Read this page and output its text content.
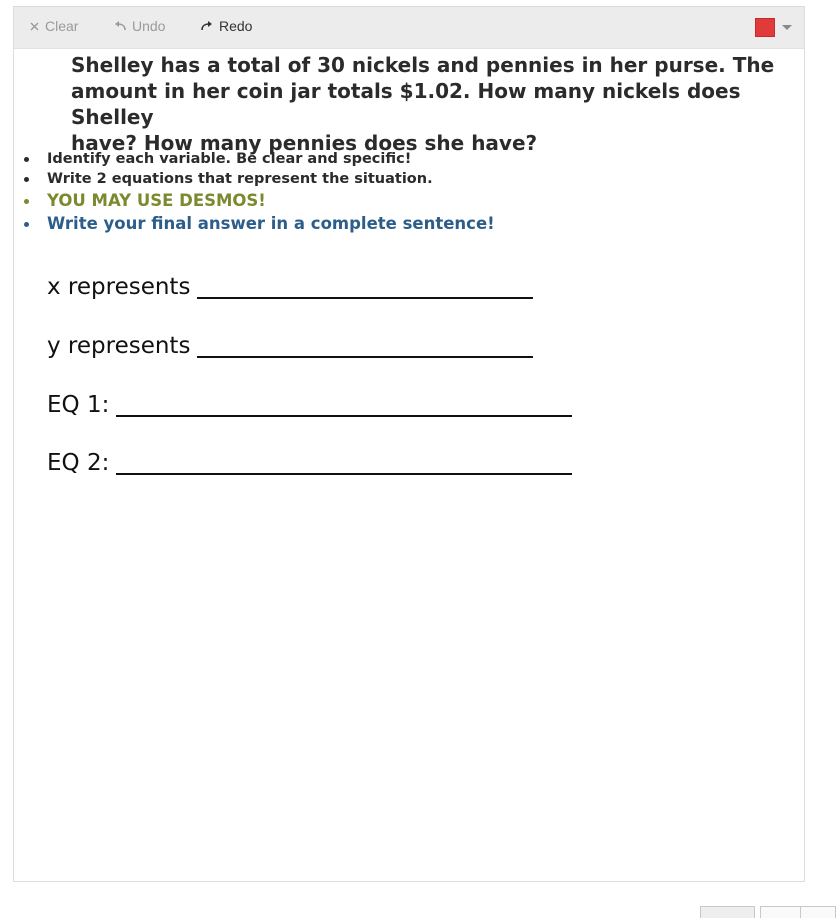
Clear	Undo	Redo

Shelley has a total of 30 nickels and pennies in her purse. The
amount in her coin jar totals $1.02. How many nickels does Shelley
have? How many pennies does she have?

Identify each variable. Be clear and specific!
Write 2 equations that represent the situation.
YOU MAY USE DESMOS!
Write your final answer in a complete sentence!
x represents
y represents
EQ 1:
EQ 2:
